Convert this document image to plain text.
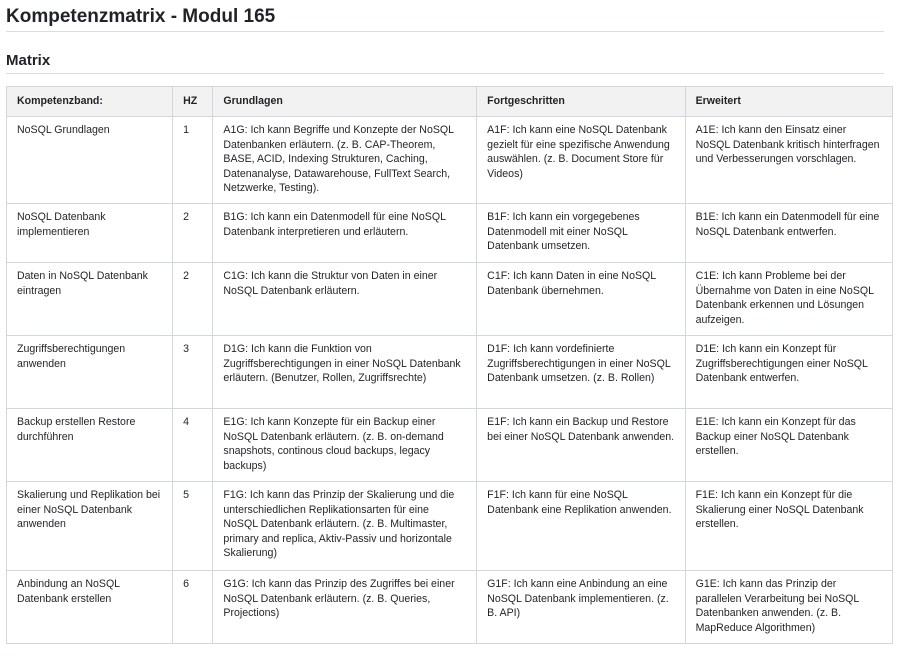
Kompetenzmatrix - Modul 165
Matrix
Kompetenzband:	HZ	Grundlagen	Fortgeschritten	Erweitert
NoSQL Grundlagen	1	A1G: Ich kann Begriffe und Konzepte der NoSQL Datenbanken erläutern. (z. B. CAP-Theorem, BASE, ACID, Indexing Strukturen, Caching, Datenanalyse, Datawarehouse, FullText Search, Netzwerke, Testing).	A1F: Ich kann eine NoSQL Datenbank gezielt für eine spezifische Anwendung auswählen. (z. B. Document Store für Videos)	A1E: Ich kann den Einsatz einer NoSQL Datenbank kritisch hinterfragen und Verbesserungen vorschlagen.
NoSQL Datenbank implementieren	2	B1G: Ich kann ein Datenmodell für eine NoSQL Datenbank interpretieren und erläutern.	B1F: Ich kann ein vorgegebenes Datenmodell mit einer NoSQL Datenbank umsetzen.	B1E: Ich kann ein Datenmodell für eine NoSQL Datenbank entwerfen.
Daten in NoSQL Datenbank eintragen	2	C1G: Ich kann die Struktur von Daten in einer NoSQL Datenbank erläutern.	C1F: Ich kann Daten in eine NoSQL Datenbank übernehmen.	C1E: Ich kann Probleme bei der Übernahme von Daten in eine NoSQL Datenbank erkennen und Lösungen aufzeigen.
Zugriffsberechtigungen anwenden	3	D1G: Ich kann die Funktion von Zugriffsberechtigungen in einer NoSQL Datenbank erläutern. (Benutzer, Rollen, Zugriffsrechte)	D1F: Ich kann vordefinierte Zugriffsberechtigungen in einer NoSQL Datenbank umsetzen. (z. B. Rollen)	D1E: Ich kann ein Konzept für Zugriffsberechtigungen einer NoSQL Datenbank entwerfen.
Backup erstellen Restore durchführen	4	E1G: Ich kann Konzepte für ein Backup einer NoSQL Datenbank erläutern. (z. B. on-demand snapshots, continous cloud backups, legacy backups)	E1F: Ich kann ein Backup und Restore bei einer NoSQL Datenbank anwenden.	E1E: Ich kann ein Konzept für das Backup einer NoSQL Datenbank erstellen.
Skalierung und Replikation bei einer NoSQL Datenbank anwenden	5	F1G: Ich kann das Prinzip der Skalierung und die unterschiedlichen Replikationsarten für eine NoSQL Datenbank erläutern. (z. B. Multimaster, primary and replica, Aktiv-Passiv und horizontale Skalierung)	F1F: Ich kann für eine NoSQL Datenbank eine Replikation anwenden.	F1E: Ich kann ein Konzept für die Skalierung einer NoSQL Datenbank erstellen.
Anbindung an NoSQL Datenbank erstellen	6	G1G: Ich kann das Prinzip des Zugriffes bei einer NoSQL Datenbank erläutern. (z. B. Queries, Projections)	G1F: Ich kann eine Anbindung an eine NoSQL Datenbank implementieren. (z. B. API)	G1E: Ich kann das Prinzip der parallelen Verarbeitung bei NoSQL Datenbanken anwenden. (z. B. MapReduce Algorithmen)
